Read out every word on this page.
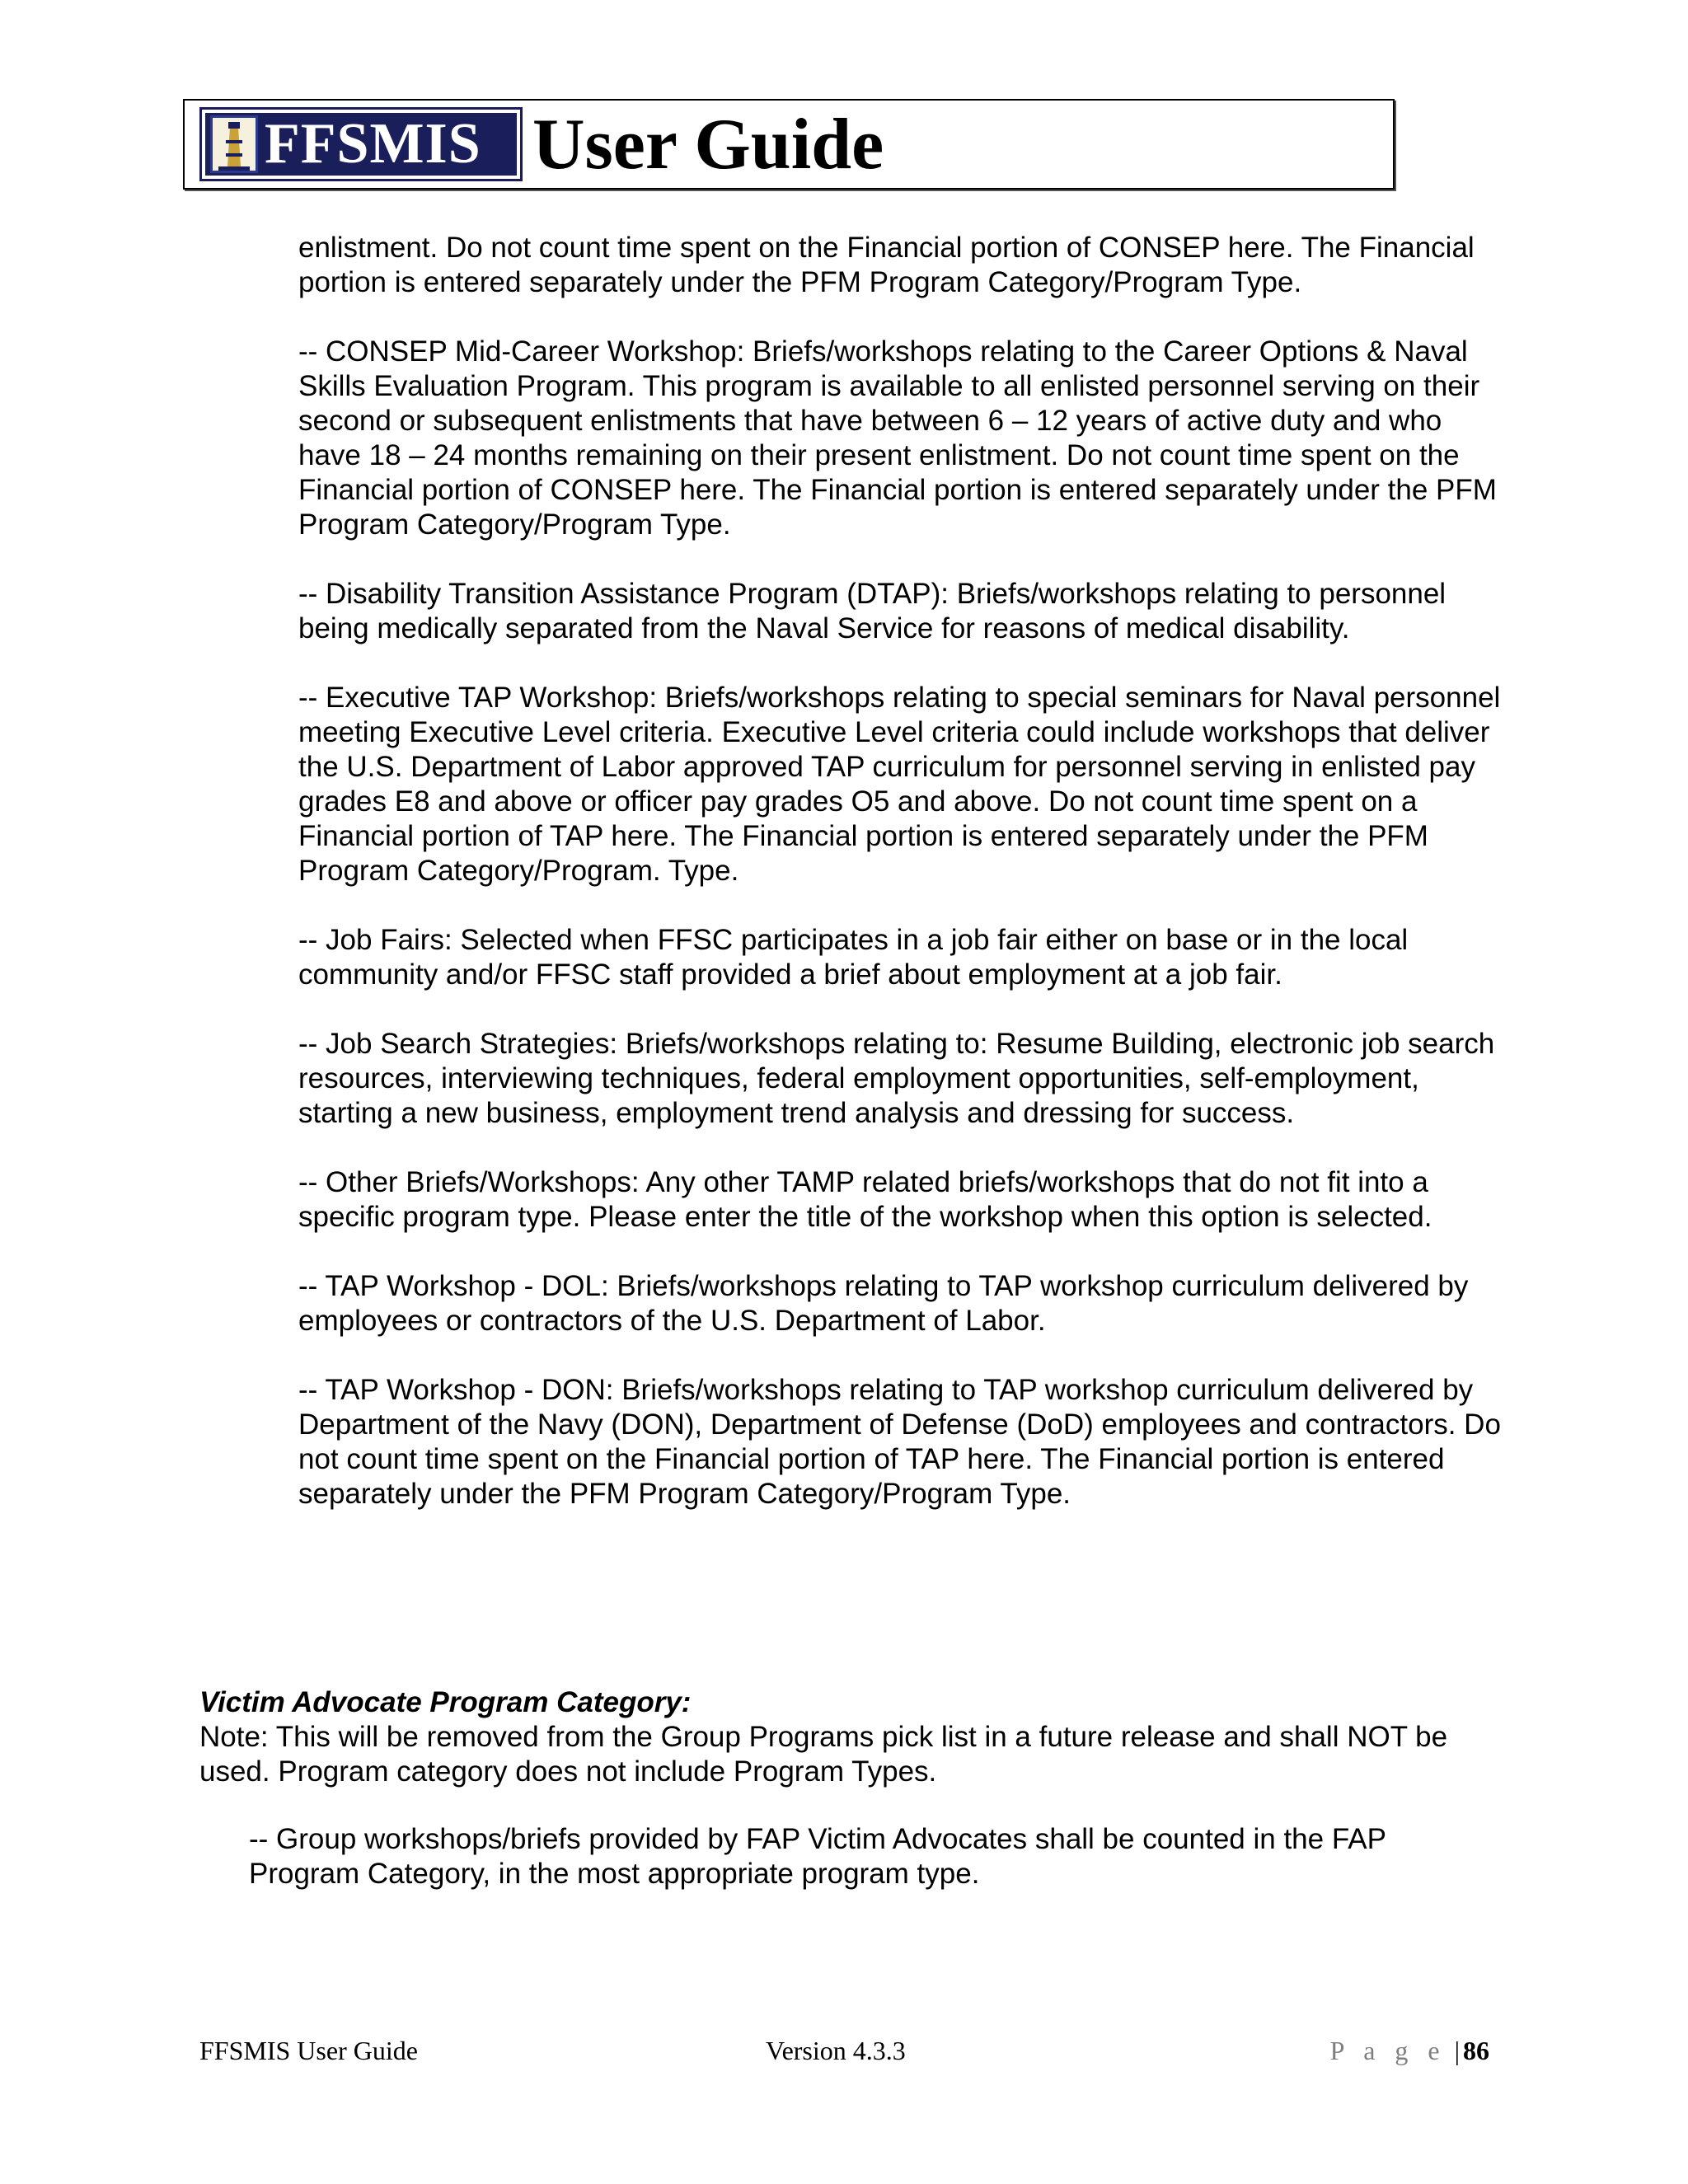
FFSMIS User Guide

enlistment. Do not count time spent on the Financial portion of CONSEP here. The Financial portion is entered separately under the PFM Program Category/Program Type.

-- CONSEP Mid-Career Workshop: Briefs/workshops relating to the Career Options & Naval Skills Evaluation Program. This program is available to all enlisted personnel serving on their second or subsequent enlistments that have between 6 – 12 years of active duty and who have 18 – 24 months remaining on their present enlistment. Do not count time spent on the Financial portion of CONSEP here. The Financial portion is entered separately under the PFM Program Category/Program Type.

-- Disability Transition Assistance Program (DTAP): Briefs/workshops relating to personnel being medically separated from the Naval Service for reasons of medical disability.

-- Executive TAP Workshop: Briefs/workshops relating to special seminars for Naval personnel meeting Executive Level criteria. Executive Level criteria could include workshops that deliver the U.S. Department of Labor approved TAP curriculum for personnel serving in enlisted pay grades E8 and above or officer pay grades O5 and above. Do not count time spent on a Financial portion of TAP here. The Financial portion is entered separately under the PFM Program Category/Program. Type.

-- Job Fairs: Selected when FFSC participates in a job fair either on base or in the local community and/or FFSC staff provided a brief about employment at a job fair.

-- Job Search Strategies: Briefs/workshops relating to: Resume Building, electronic job search resources, interviewing techniques, federal employment opportunities, self-employment, starting a new business, employment trend analysis and dressing for success.

-- Other Briefs/Workshops: Any other TAMP related briefs/workshops that do not fit into a specific program type. Please enter the title of the workshop when this option is selected.

-- TAP Workshop - DOL: Briefs/workshops relating to TAP workshop curriculum delivered by employees or contractors of the U.S. Department of Labor.

-- TAP Workshop - DON: Briefs/workshops relating to TAP workshop curriculum delivered by Department of the Navy (DON), Department of Defense (DoD) employees and contractors. Do not count time spent on the Financial portion of TAP here. The Financial portion is entered separately under the PFM Program Category/Program Type.

Victim Advocate Program Category:

Note: This will be removed from the Group Programs pick list in a future release and shall NOT be used. Program category does not include Program Types.

-- Group workshops/briefs provided by FAP Victim Advocates shall be counted in the FAP Program Category, in the most appropriate program type.

FFSMIS User Guide	Version 4.3.3	P a g e | 86
